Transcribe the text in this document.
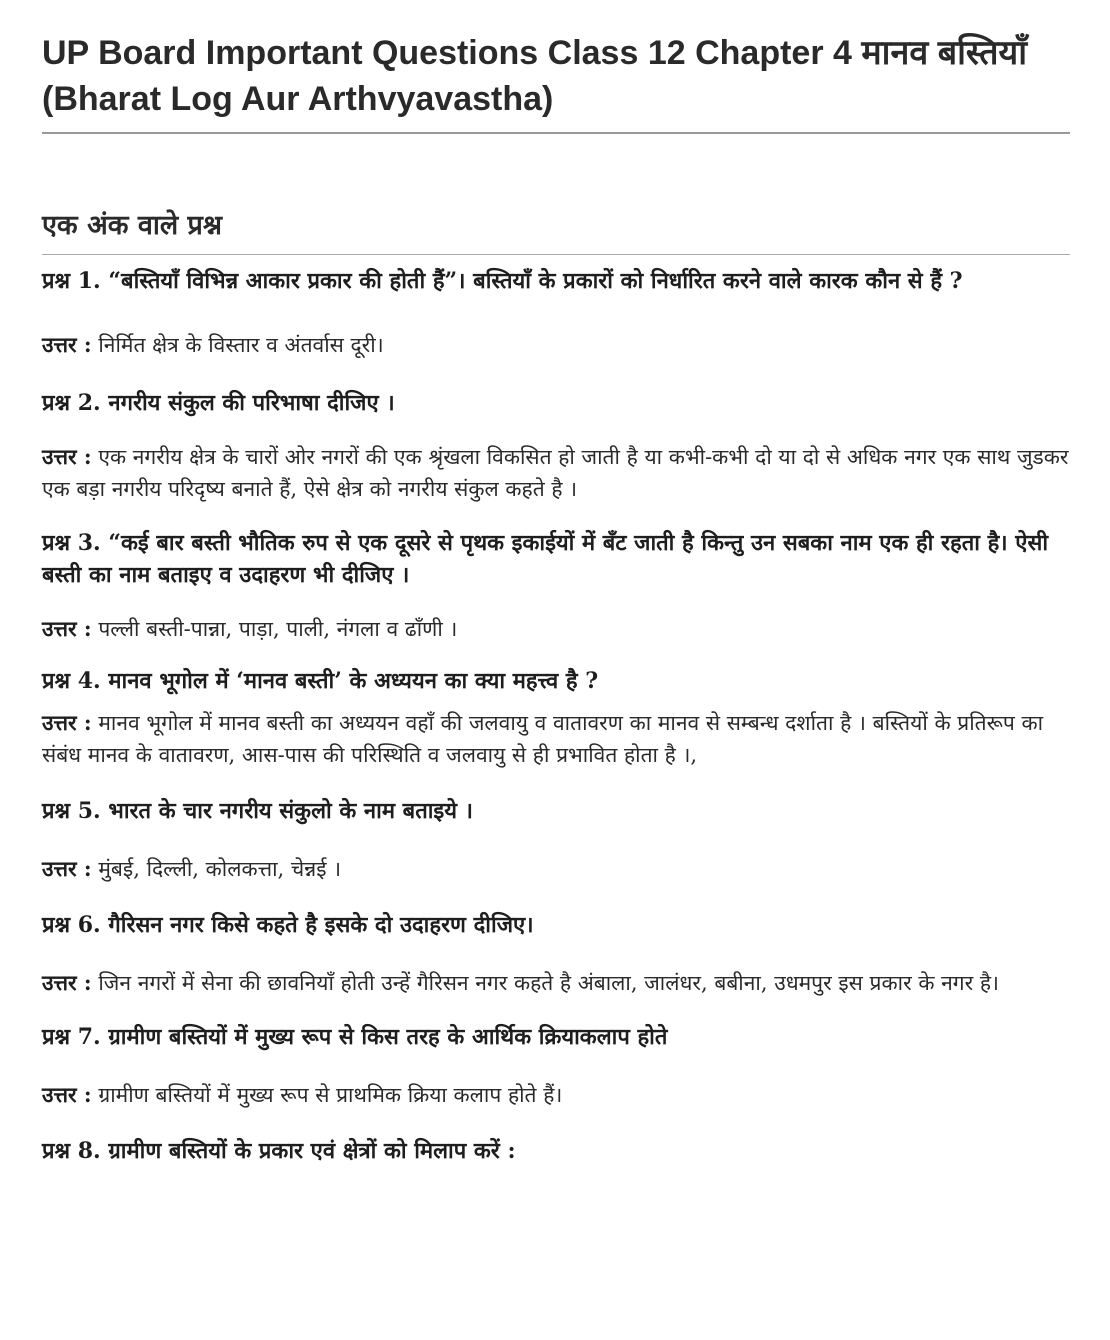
UP Board Important Questions Class 12 Chapter 4 मानव बस्तियाँ (Bharat Log Aur Arthvyavastha)
एक अंक वाले प्रश्न

प्रश्न 1. “बस्तियाँ विभिन्न आकार प्रकार की होती हैं”। बस्तियाँ के प्रकारों को निर्धारित करने वाले कारक कौन से हैं ?

उत्तर : निर्मित क्षेत्र के विस्तार व अंतर्वास दूरी।

प्रश्न 2. नगरीय संकुल की परिभाषा दीजिए ।

उत्तर : एक नगरीय क्षेत्र के चारों ओर नगरों की एक श्रृंखला विकसित हो जाती है या कभी-कभी दो या दो से अधिक नगर एक साथ जुडकर एक बड़ा नगरीय परिदृष्य बनाते हैं, ऐसे क्षेत्र को नगरीय संकुल कहते है ।

प्रश्न 3. “कई बार बस्ती भौतिक रुप से एक दूसरे से पृथक इकाईयों में बँट जाती है किन्तु उन सबका नाम एक ही रहता है। ऐसी बस्ती का नाम बताइए व उदाहरण भी दीजिए ।

उत्तर : पल्ली बस्ती-पान्ना, पाड़ा, पाली, नंगला व ढाँणी ।

प्रश्न 4. मानव भूगोल में ‘मानव बस्ती’ के अध्ययन का क्या महत्त्व है ?

उत्तर : मानव भूगोल में मानव बस्ती का अध्ययन वहाँ की जलवायु व वातावरण का मानव से सम्बन्ध दर्शाता है । बस्तियों के प्रतिरूप का संबंध मानव के वातावरण, आस-पास की परिस्थिति व जलवायु से ही प्रभावित होता है ।,

प्रश्न 5. भारत के चार नगरीय संकुलो के नाम बताइये ।

उत्तर : मुंबई, दिल्ली, कोलकत्ता, चेन्नई ।

प्रश्न 6. गैरिसन नगर किसे कहते है इसके दो उदाहरण दीजिए।

उत्तर : जिन नगरों में सेना की छावनियाँ होती उन्हें गैरिसन नगर कहते है अंबाला, जालंधर, बबीना, उधमपुर इस प्रकार के नगर है।

प्रश्न 7. ग्रामीण बस्तियों में मुख्य रूप से किस तरह के आर्थिक क्रियाकलाप होते

उत्तर : ग्रामीण बस्तियों में मुख्य रूप से प्राथमिक क्रिया कलाप होते हैं।

प्रश्न 8. ग्रामीण बस्तियों के प्रकार एवं क्षेत्रों को मिलाप करें :
